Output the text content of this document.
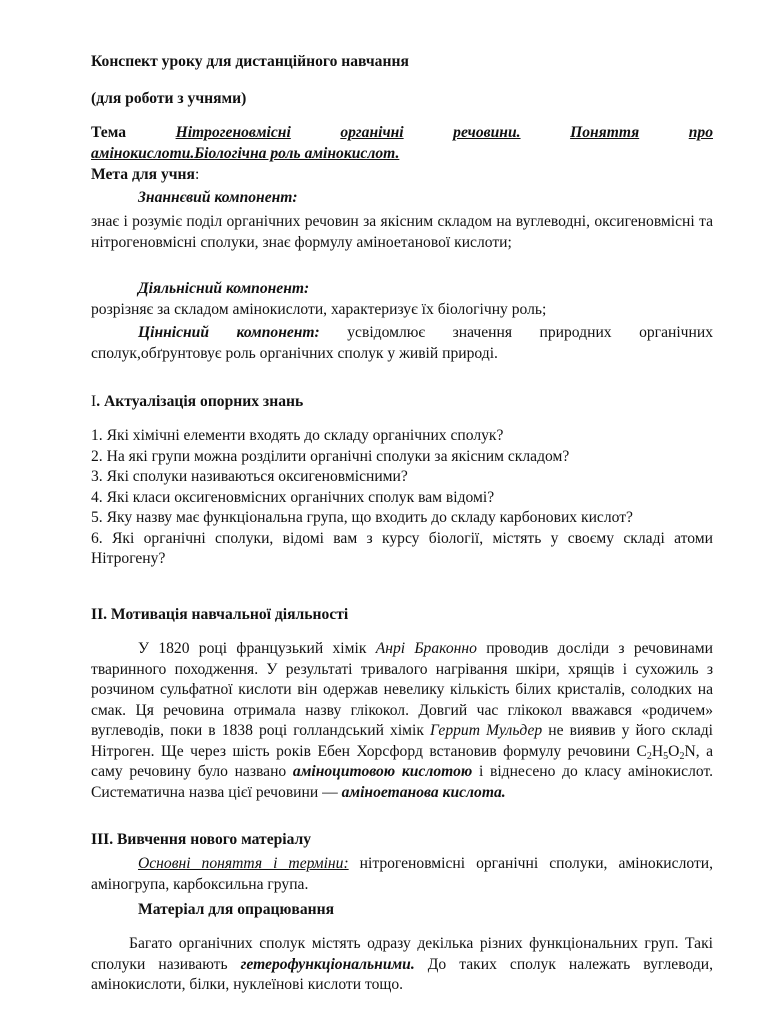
Конспект уроку для дистанційного навчання
(для роботи з учнями)
Тема	Нітрогеновмісні	органічні	речовини.	Поняття	про
амінокислоти.Біологічна роль амінокислот.
Мета для учня:
Знаннєвий компонент:
знає і розуміє поділ органічних речовин за якісним складом на вуглеводні, оксигеновмісні та нітрогеновмісні сполуки, знає формулу аміноетанової кислоти;
Діяльнісний компонент:
розрізняє за складом амінокислоти, характеризує їх біологічну роль;
Ціннісний компонент: усвідомлює значення природних органічних сполук,обґрунтовує роль органічних сполук у живій природі.
І. Актуалізація опорних знань
1. Які хімічні елементи входять до складу органічних сполук?
2. На які групи можна розділити органічні сполуки за якісним складом?
3. Які сполуки називаються оксигеновмісними?
4. Які класи оксигеновмісних органічних сполук вам відомі?
5. Яку назву має функціональна група, що входить до складу карбонових кислот?
6. Які органічні сполуки, відомі вам з курсу біології, містять у своєму складі атоми Нітрогену?
ІІ. Мотивація навчальної діяльності
У 1820 році французький хімік Анрі Браконно проводив досліди з речовинами тваринного походження. У результаті тривалого нагрівання шкіри, хрящів і сухожиль з розчином сульфатної кислоти він одержав невелику кількість білих кристалів, солодких на смак. Ця речовина отримала назву глікокол. Довгий час глікокол вважався «родичем» вуглеводів, поки в 1838 році голландський хімік Геррит Мульдер не виявив у його складі Нітроген. Ще через шість років Ебен Хорсфорд встановив формулу речовини $C_2H_5O_2N$, а саму речовину було названо аміноцитовою кислотою і віднесено до класу амінокислот. Систематична назва цієї речовини — аміноетанова кислота.
ІІІ. Вивчення нового матеріалу
Основні поняття і терміни: нітрогеновмісні органічні сполуки, амінокислоти, аміногрупа, карбоксильна група.
Матеріал для опрацювання
Багато органічних сполук містять одразу декілька різних функціональних груп. Такі сполуки називають гетерофункціональними. До таких сполук належать вуглеводи, амінокислоти, білки, нуклеїнові кислоти тощо.
